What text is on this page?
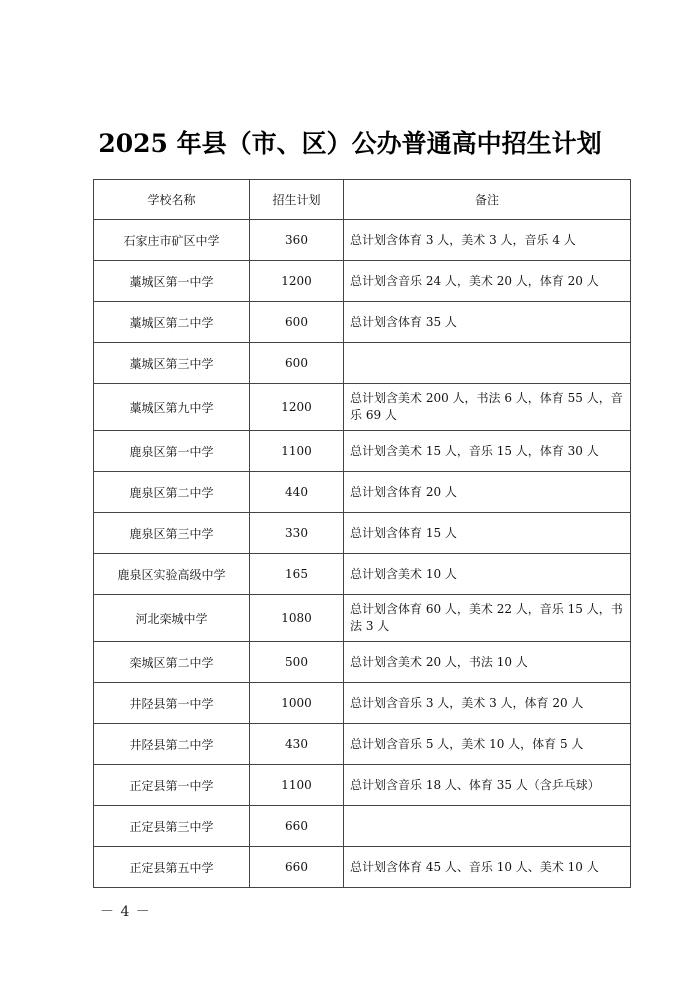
2025 年县（市、区）公办普通高中招生计划
学校名称	招生计划	备注
石家庄市矿区中学	360	总计划含体育 3 人，美术 3 人，音乐 4 人
藁城区第一中学	1200	总计划含音乐 24 人，美术 20 人，体育 20 人
藁城区第二中学	600	总计划含体育 35 人
藁城区第三中学	600	
藁城区第九中学	1200	总计划含美术 200 人，书法 6 人，体育 55 人，音乐 69 人
鹿泉区第一中学	1100	总计划含美术 15 人，音乐 15 人，体育 30 人
鹿泉区第二中学	440	总计划含体育 20 人
鹿泉区第三中学	330	总计划含体育 15 人
鹿泉区实验高级中学	165	总计划含美术 10 人
河北栾城中学	1080	总计划含体育 60 人，美术 22 人，音乐 15 人，书法 3 人
栾城区第二中学	500	总计划含美术 20 人，书法 10 人
井陉县第一中学	1000	总计划含音乐 3 人，美术 3 人，体育 20 人
井陉县第二中学	430	总计划含音乐 5 人，美术 10 人，体育 5 人
正定县第一中学	1100	总计划含音乐 18 人、体育 35 人（含乒乓球）
正定县第三中学	660	
正定县第五中学	660	总计划含体育 45 人、音乐 10 人、美术 10 人
－ 4 －
